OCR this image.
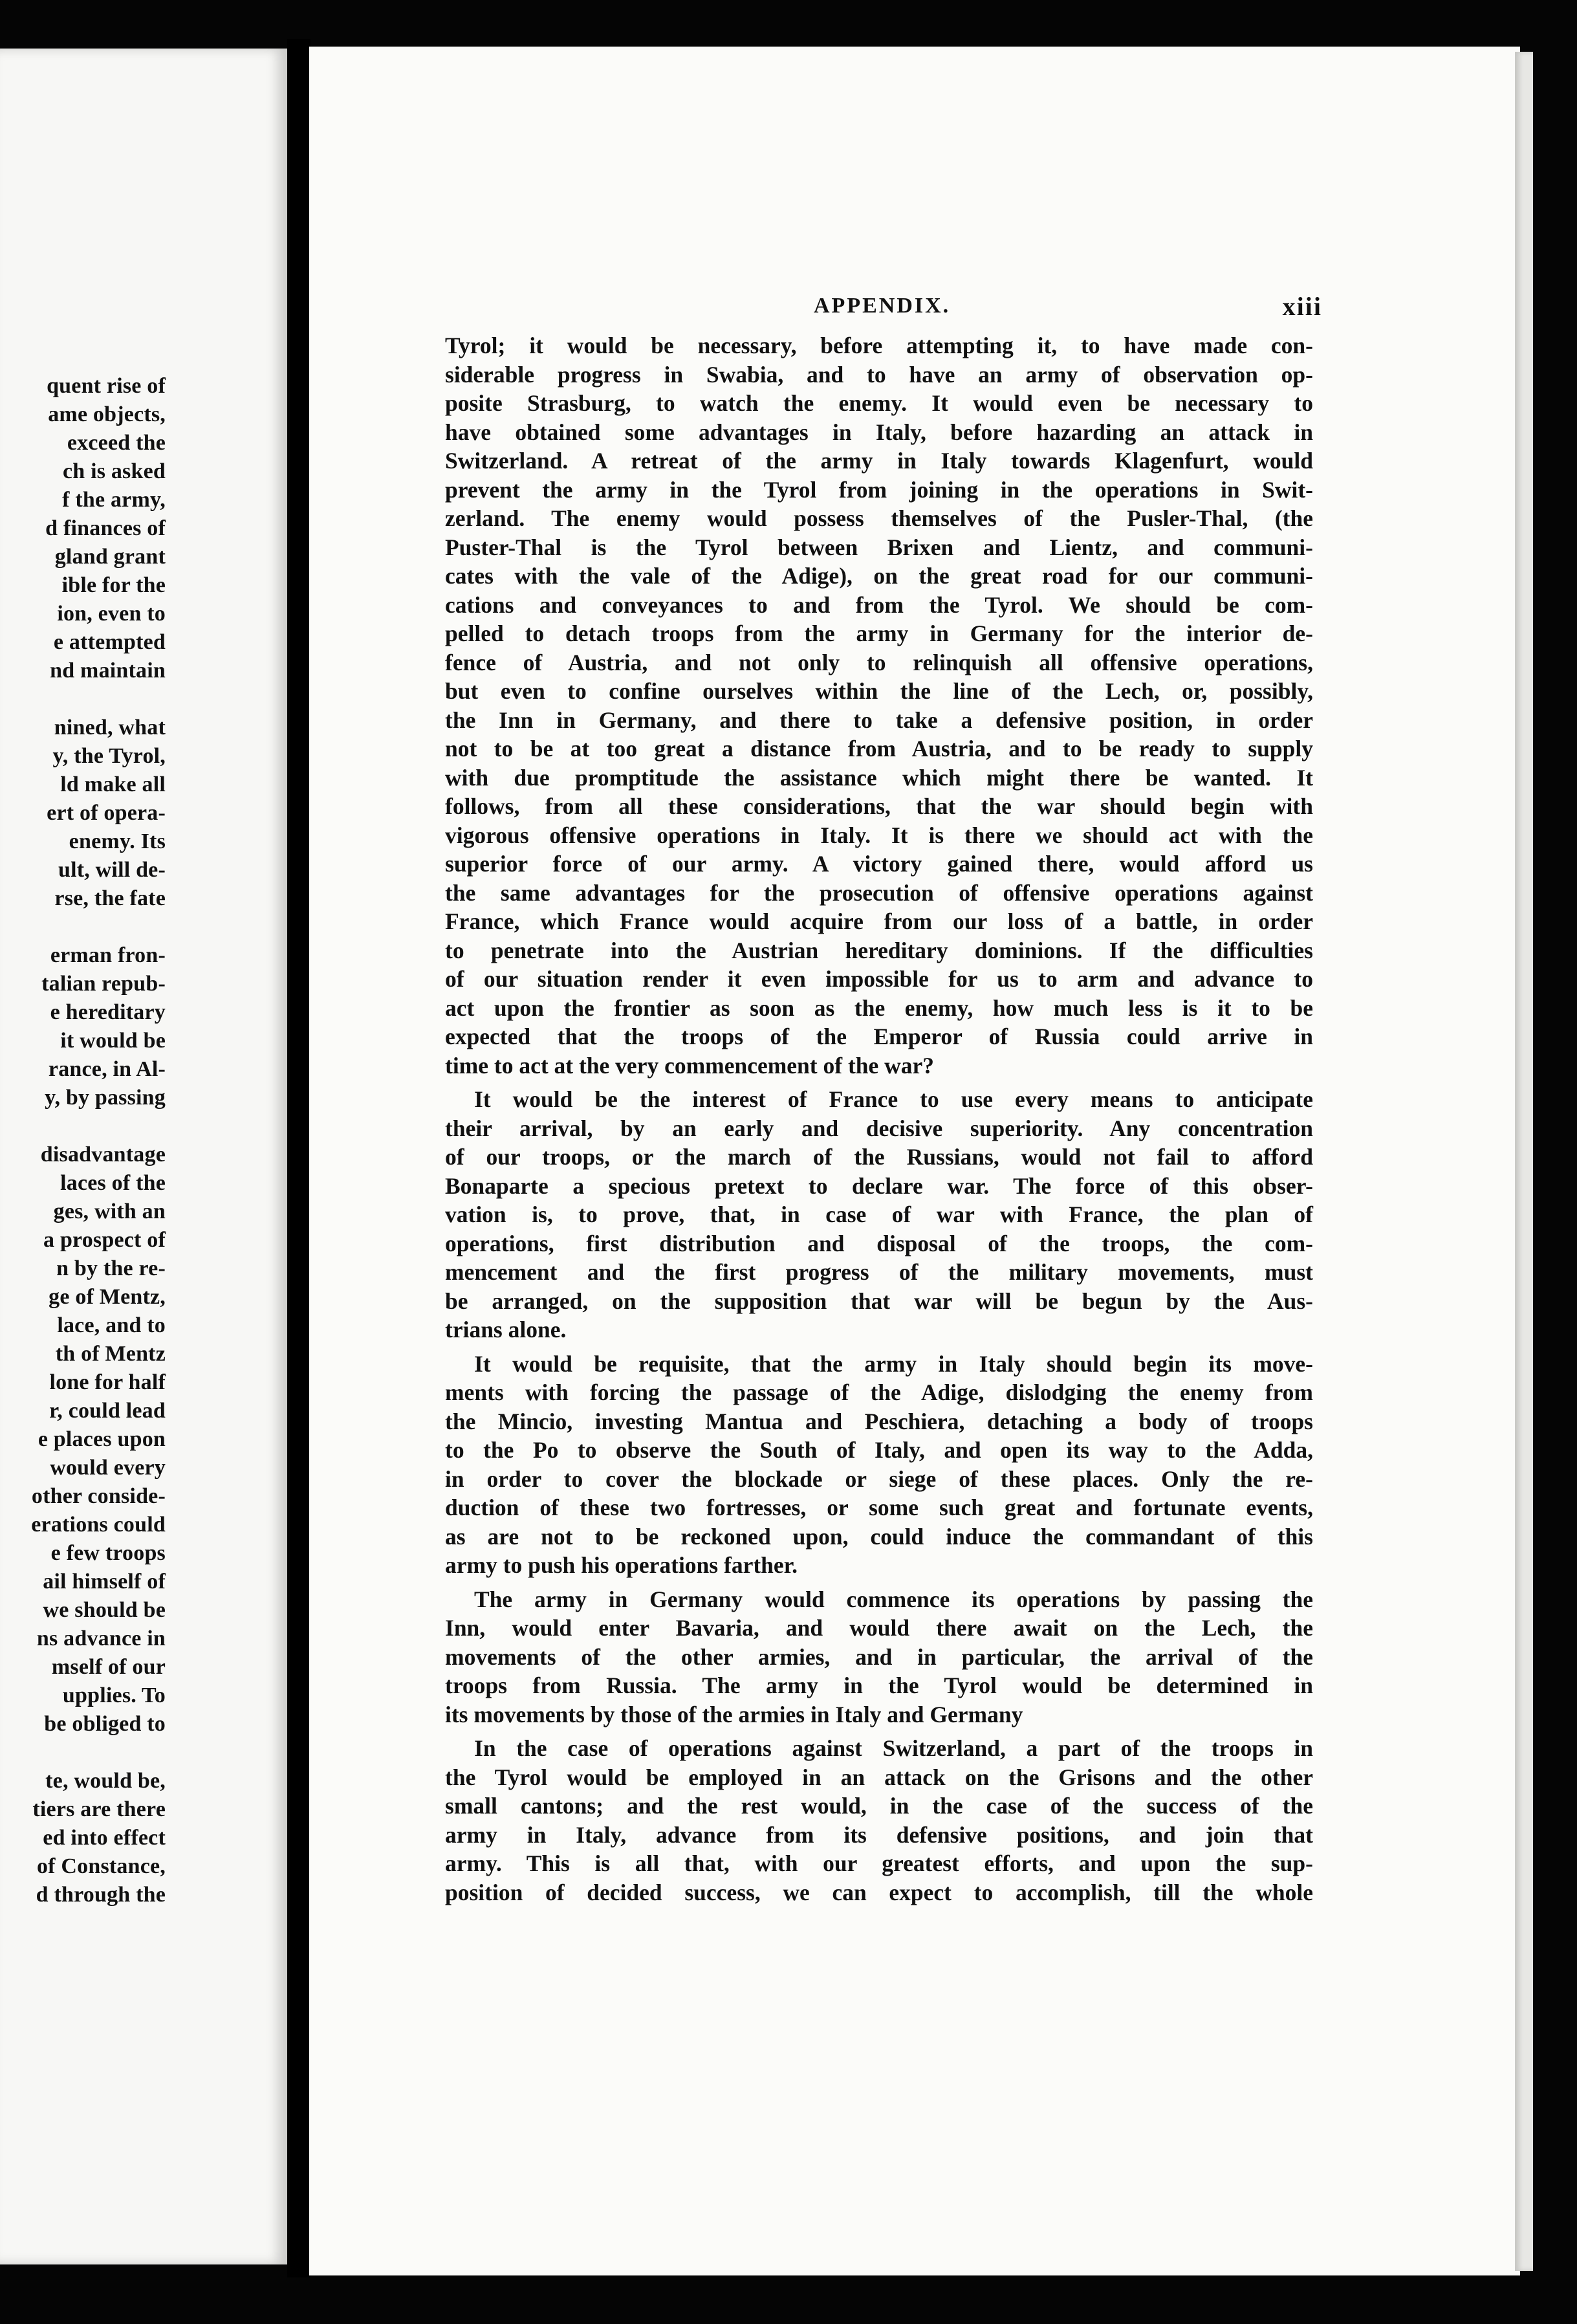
quent rise of
ame objects,
exceed the
ch is asked
f the army,
d finances of
gland grant
ible for the
ion, even to
e attempted
nd maintain
nined, what
y, the Tyrol,
ld make all
ert of opera-
enemy. Its
ult, will de-
rse, the fate
erman fron-
talian repub-
e hereditary
it would be
rance, in Al-
y, by passing
disadvantage
laces of the
ges, with an
a prospect of
n by the re-
ge of Mentz,
lace, and to
th of Mentz
lone for half
r, could lead
e places upon
would every
other conside-
erations could
e few troops
ail himself of
we should be
ns advance in
mself of our
upplies. To
be obliged to
te, would be,
tiers are there
ed into effect
of Constance,
d through the
APPENDIX.	xiii
Tyrol; it would be necessary, before attempting it, to have made con-
siderable progress in Swabia, and to have an army of observation op-
posite Strasburg, to watch the enemy. It would even be necessary to
have obtained some advantages in Italy, before hazarding an attack in
Switzerland. A retreat of the army in Italy towards Klagenfurt, would
prevent the army in the Tyrol from joining in the operations in Swit-
zerland. The enemy would possess themselves of the Pusler-Thal, (the
Puster-Thal is the Tyrol between Brixen and Lientz, and communi-
cates with the vale of the Adige), on the great road for our communi-
cations and conveyances to and from the Tyrol. We should be com-
pelled to detach troops from the army in Germany for the interior de-
fence of Austria, and not only to relinquish all offensive operations,
but even to confine ourselves within the line of the Lech, or, possibly,
the Inn in Germany, and there to take a defensive position, in order
not to be at too great a distance from Austria, and to be ready to supply
with due promptitude the assistance which might there be wanted. It
follows, from all these considerations, that the war should begin with
vigorous offensive operations in Italy. It is there we should act with the
superior force of our army. A victory gained there, would afford us
the same advantages for the prosecution of offensive operations against
France, which France would acquire from our loss of a battle, in order
to penetrate into the Austrian hereditary dominions. If the difficulties
of our situation render it even impossible for us to arm and advance to
act upon the frontier as soon as the enemy, how much less is it to be
expected that the troops of the Emperor of Russia could arrive in
time to act at the very commencement of the war?
It would be the interest of France to use every means to anticipate
their arrival, by an early and decisive superiority. Any concentration
of our troops, or the march of the Russians, would not fail to afford
Bonaparte a specious pretext to declare war. The force of this obser-
vation is, to prove, that, in case of war with France, the plan of
operations, first distribution and disposal of the troops, the com-
mencement and the first progress of the military movements, must
be arranged, on the supposition that war will be begun by the Aus-
trians alone.
It would be requisite, that the army in Italy should begin its move-
ments with forcing the passage of the Adige, dislodging the enemy from
the Mincio, investing Mantua and Peschiera, detaching a body of troops
to the Po to observe the South of Italy, and open its way to the Adda,
in order to cover the blockade or siege of these places. Only the re-
duction of these two fortresses, or some such great and fortunate events,
as are not to be reckoned upon, could induce the commandant of this
army to push his operations farther.
The army in Germany would commence its operations by passing the
Inn, would enter Bavaria, and would there await on the Lech, the
movements of the other armies, and in particular, the arrival of the
troops from Russia. The army in the Tyrol would be determined in
its movements by those of the armies in Italy and Germany
In the case of operations against Switzerland, a part of the troops in
the Tyrol would be employed in an attack on the Grisons and the other
small cantons; and the rest would, in the case of the success of the
army in Italy, advance from its defensive positions, and join that
army. This is all that, with our greatest efforts, and upon the sup-
position of decided success, we can expect to accomplish, till the whole
